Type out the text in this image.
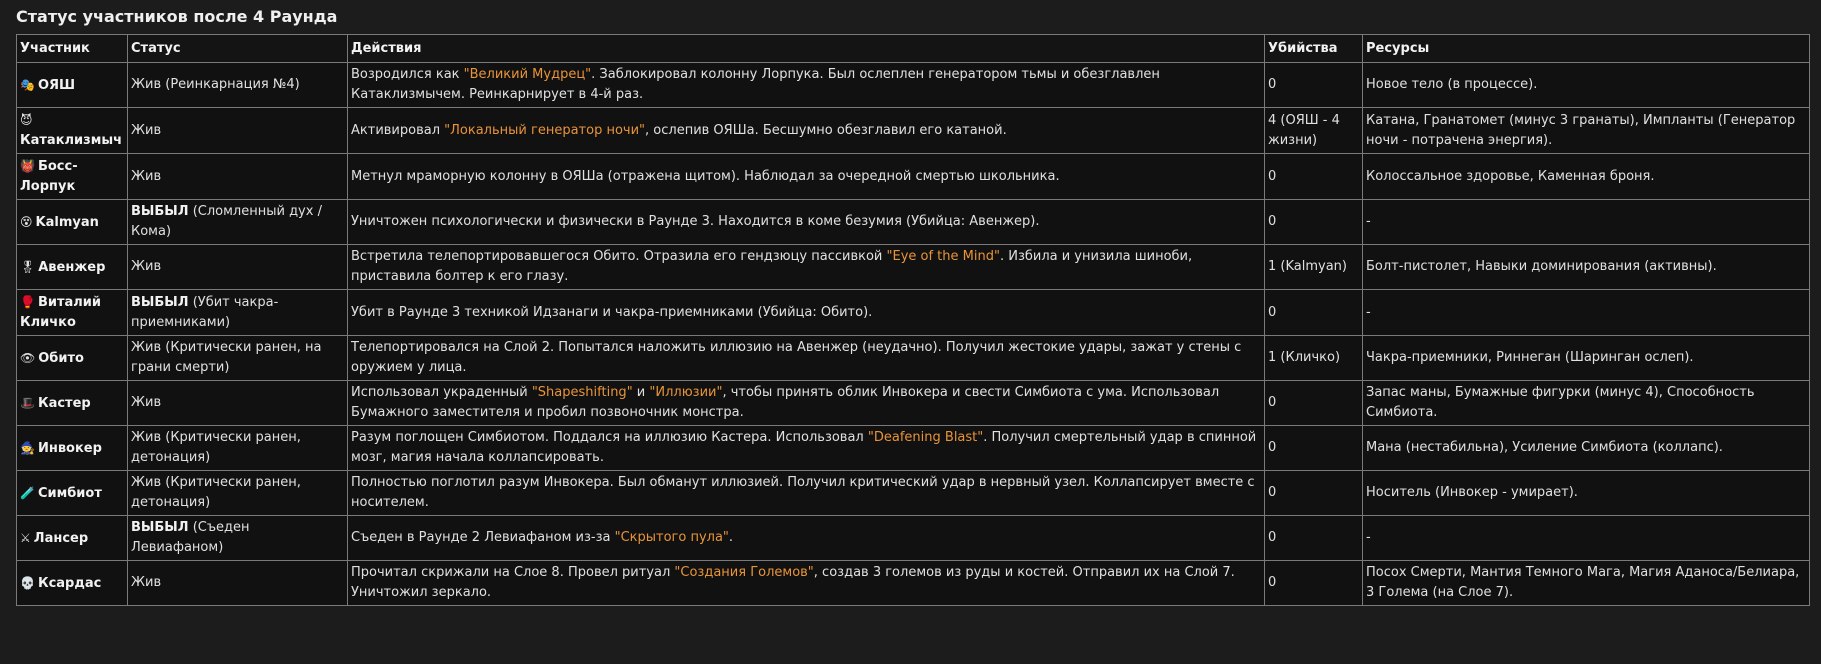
Статус участников после 4 Раунда
Участник	Статус	Действия	Убийства	Ресурсы
🎭 ОЯШ	Жив (Реинкарнация №4)	Возродился как "Великий Мудрец". Заблокировал колонну Лорпука. Был ослеплен генератором тьмы и обезглавлен Катаклизмычем. Реинкарнирует в 4-й раз.	0	Новое тело (в процессе).
😈Катаклизмыч	Жив	Активировал "Локальный генератор ночи", ослепив ОЯШа. Бесшумно обезглавил его катаной.	4 (ОЯШ - 4 жизни)	Катана, Гранатомет (минус 3 гранаты), Импланты (Генератор ночи - потрачена энергия).
👹 Босс-Лорпук	Жив	Метнул мраморную колонну в ОЯШа (отражена щитом). Наблюдал за очередной смертью школьника.	0	Колоссальное здоровье, Каменная броня.
😵 Kalmyan	ВЫБЫЛ (Сломленный дух / Кома)	Уничтожен психологически и физически в Раунде 3. Находится в коме безумия (Убийца: Авенжер).	0	-
🎖 Авенжер	Жив	Встретила телепортировавшегося Обито. Отразила его гендзюцу пассивкой "Eye of the Mind". Избила и унизила шиноби, приставила болтер к его глазу.	1 (Kalmyan)	Болт-пистолет, Навыки доминирования (активны).
🥊 Виталий Кличко	ВЫБЫЛ (Убит чакра-приемниками)	Убит в Раунде 3 техникой Идзанаги и чакра-приемниками (Убийца: Обито).	0	-
👁 Обито	Жив (Критически ранен, на грани смерти)	Телепортировался на Слой 2. Попытался наложить иллюзию на Авенжер (неудачно). Получил жестокие удары, зажат у стены с оружием у лица.	1 (Кличко)	Чакра-приемники, Риннеган (Шаринган ослеп).
🎩 Кастер	Жив	Использовал украденный "Shapeshifting" и "Иллюзии", чтобы принять облик Инвокера и свести Симбиота с ума. Использовал Бумажного заместителя и пробил позвоночник монстра.	0	Запас маны, Бумажные фигурки (минус 4), Способность Симбиота.
🧙 Инвокер	Жив (Критически ранен, детонация)	Разум поглощен Симбиотом. Поддался на иллюзию Кастера. Использовал "Deafening Blast". Получил смертельный удар в спинной мозг, магия начала коллапсировать.	0	Мана (нестабильна), Усиление Симбиота (коллапс).
🧪 Симбиот	Жив (Критически ранен, детонация)	Полностью поглотил разум Инвокера. Был обманут иллюзией. Получил критический удар в нервный узел. Коллапсирует вместе с носителем.	0	Носитель (Инвокер - умирает).
⚔ Лансер	ВЫБЫЛ (Съеден Левиафаном)	Съеден в Раунде 2 Левиафаном из-за "Скрытого пула".	0	-
💀 Ксардас	Жив	Прочитал скрижали на Слое 8. Провел ритуал "Создания Големов", создав 3 големов из руды и костей. Отправил их на Слой 7. Уничтожил зеркало.	0	Посох Смерти, Мантия Темного Мага, Магия Аданоса/Белиара, 3 Голема (на Слое 7).
